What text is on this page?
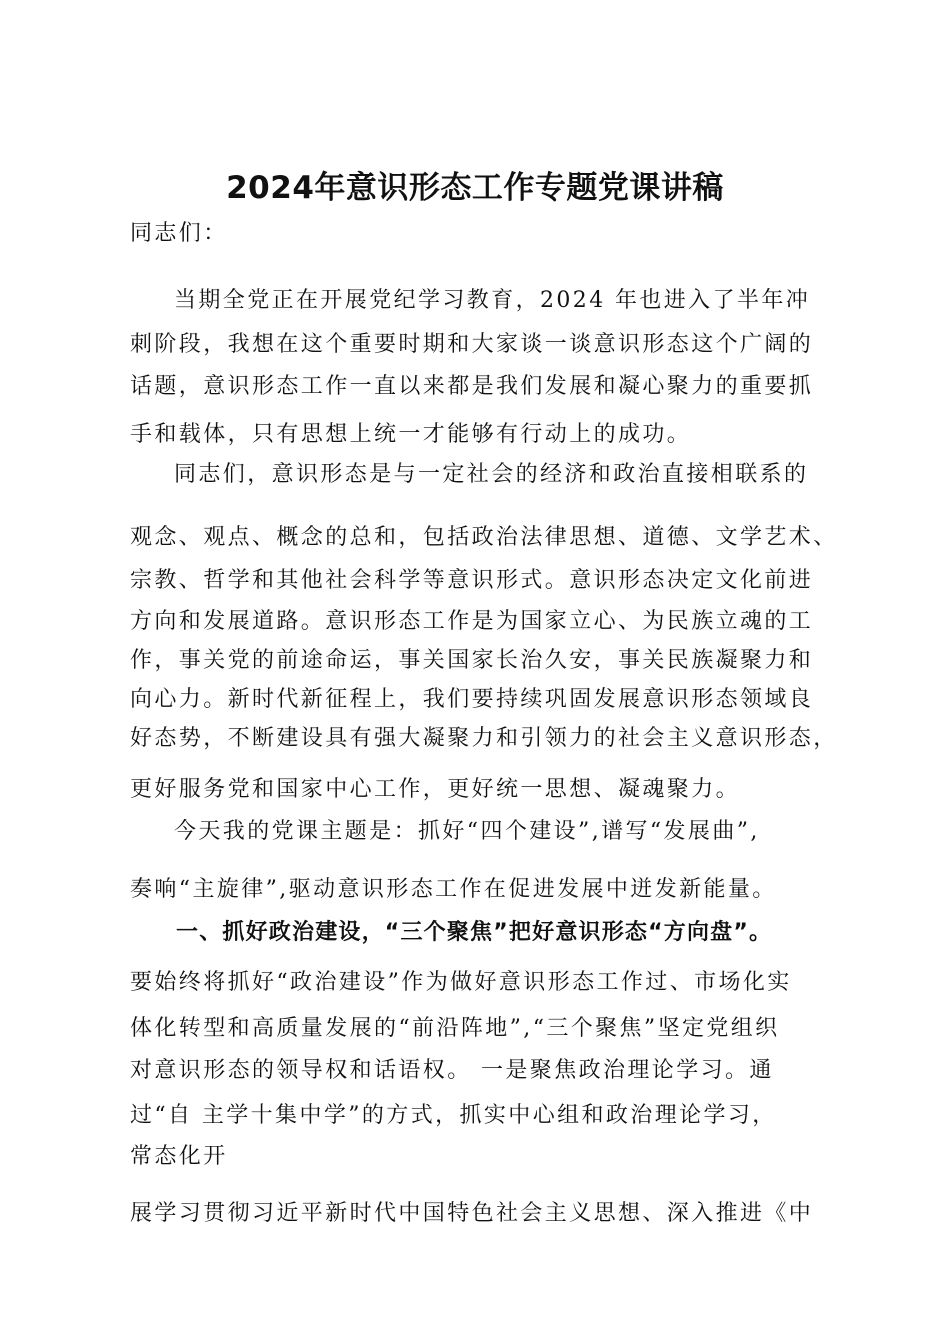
2024年意识形态工作专题党课讲稿
同志们：
当期全党正在开展党纪学习教育，2024 年也进入了半年冲
刺阶段，我想在这个重要时期和大家谈一谈意识形态这个广阔的
话题，意识形态工作一直以来都是我们发展和凝心聚力的重要抓
手和载体，只有思想上统一才能够有行动上的成功。
同志们，意识形态是与一定社会的经济和政治直接相联系的
观念、观点、概念的总和，包括政治法律思想、道德、文学艺术、
宗教、哲学和其他社会科学等意识形式。意识形态决定文化前进
方向和发展道路。意识形态工作是为国家立心、为民族立魂的工
作，事关党的前途命运，事关国家长治久安，事关民族凝聚力和
向心力。新时代新征程上，我们要持续巩固发展意识形态领域良
好态势，不断建设具有强大凝聚力和引领力的社会主义意识形态，
更好服务党和国家中心工作，更好统一思想、凝魂聚力。
今天我的党课主题是：抓好“四个建设”,谱写“发展曲”,
奏响“主旋律”,驱动意识形态工作在促进发展中迸发新能量。
一、抓好政治建设，“三个聚焦”把好意识形态“方向盘”。
要始终将抓好“政治建设”作为做好意识形态工作过、市场化实
体化转型和高质量发展的“前沿阵地”,“三个聚焦”坚定党组织
对意识形态的领导权和话语权。 一是聚焦政治理论学习。通
过“自 主学十集中学”的方式，抓实中心组和政治理论学习，
常态化开
展学习贯彻习近平新时代中国特色社会主义思想、深入推进《中
